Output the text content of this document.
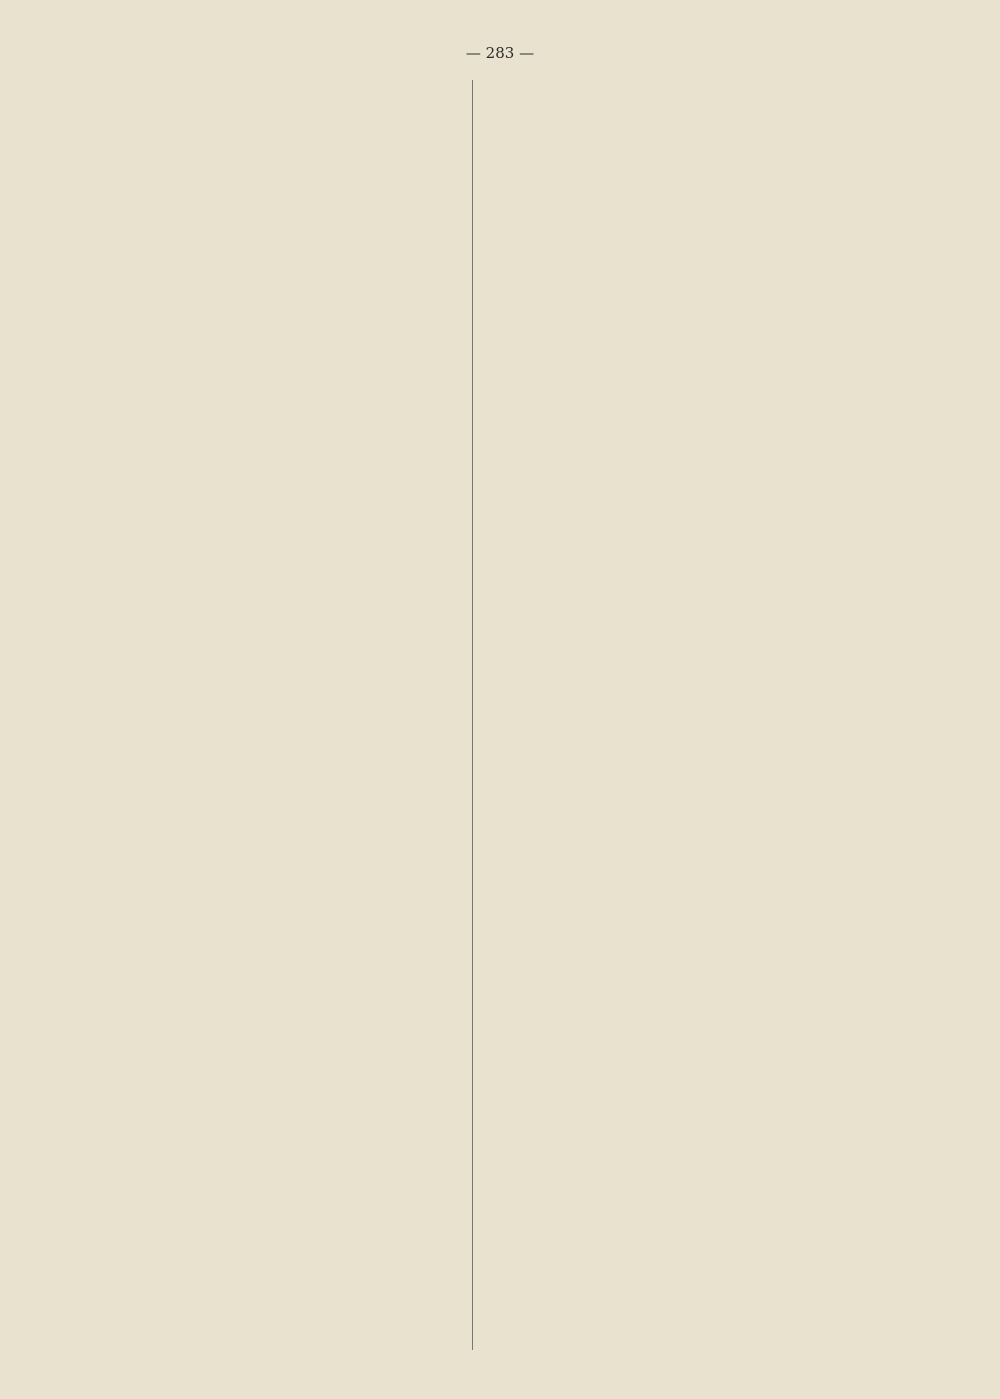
— 283 —
